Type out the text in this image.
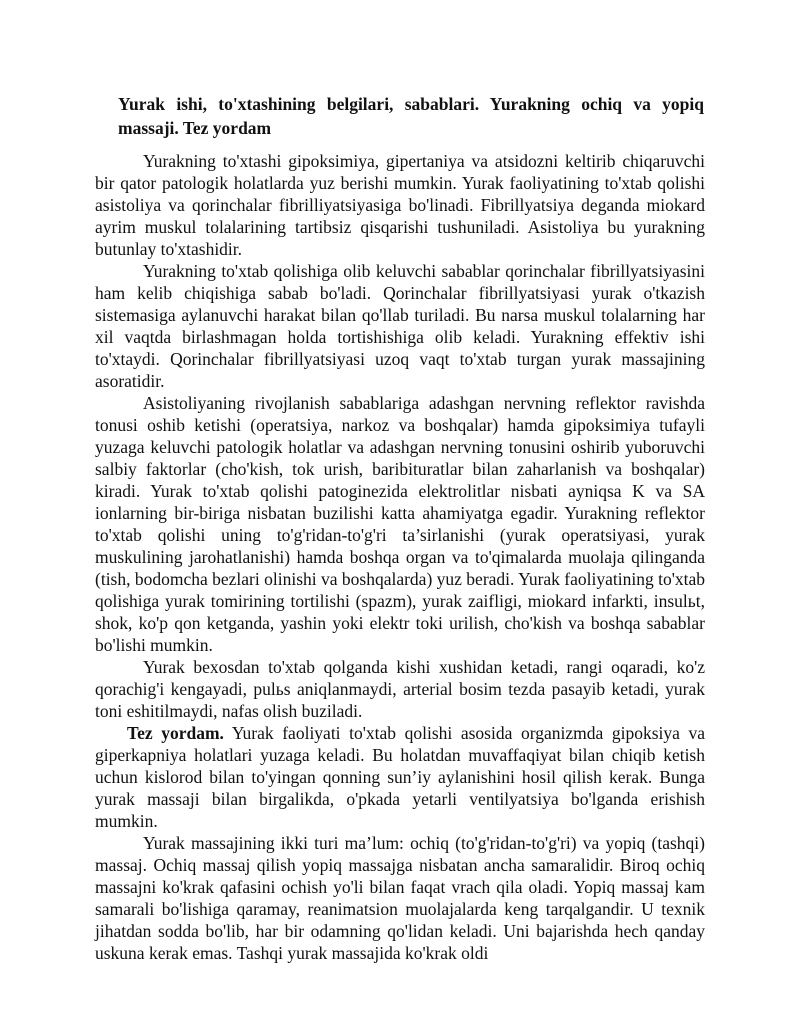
Yurak ishi, to'xtashining belgilari, sabablari. Yurakning ochiq va yopiq massaji. Tez yordam

Yurakning to'xtashi gipoksimiya, gipertaniya va atsidozni keltirib chiqaruvchi bir qator patologik holatlarda yuz berishi mumkin. Yurak faoliyatining to'xtab qolishi asistoliya va qorinchalar fibrilliyatsiyasiga bo'linadi. Fibrillyatsiya deganda miokard ayrim muskul tolalarining tartibsiz qisqarishi tushuniladi. Asistoliya bu yurakning butunlay to'xtashidir.

Yurakning to'xtab qolishiga olib keluvchi sabablar qorinchalar fibrillyatsiyasini ham kelib chiqishiga sabab bo'ladi. Qorinchalar fibrillyatsiyasi yurak o'tkazish sistemasiga aylanuvchi harakat bilan qo'llab turiladi. Bu narsa muskul tolalarning har xil vaqtda birlashmagan holda tortishishiga olib keladi. Yurakning effektiv ishi to'xtaydi. Qorinchalar fibrillyatsiyasi uzoq vaqt to'xtab turgan yurak massajining asoratidir.

Asistoliyaning rivojlanish sabablariga adashgan nervning reflektor ravishda tonusi oshib ketishi (operatsiya, narkoz va boshqalar) hamda gipoksimiya tufayli yuzaga keluvchi patologik holatlar va adashgan nervning tonusini oshirib yuboruvchi salbiy faktorlar (cho'kish, tok urish, baribituratlar bilan zaharlanish va boshqalar) kiradi. Yurak to'xtab qolishi patoginezida elektrolitlar nisbati ayniqsa K va SA ionlarning bir-biriga nisbatan buzilishi katta ahamiyatga egadir. Yurakning reflektor to'xtab qolishi uning to'g'ridan-to'g'ri ta’sirlanishi (yurak operatsiyasi, yurak muskulining jarohatlanishi) hamda boshqa organ va to'qimalarda muolaja qilinganda (tish, bodomcha bezlari olinishi va boshqalarda) yuz beradi. Yurak faoliyatining to'xtab qolishiga yurak tomirining tortilishi (spazm), yurak zaifligi, miokard infarkti, insulьt, shok, ko'p qon ketganda, yashin yoki elektr toki urilish, cho'kish va boshqa sabablar bo'lishi mumkin.

Yurak bexosdan to'xtab qolganda kishi xushidan ketadi, rangi oqaradi, ko'z qorachig'i kengayadi, pulьs aniqlanmaydi, arterial bosim tezda pasayib ketadi, yurak toni eshitilmaydi, nafas olish buziladi.

Tez yordam. Yurak faoliyati to'xtab qolishi asosida organizmda gipoksiya va giperkapniya holatlari yuzaga keladi. Bu holatdan muvaffaqiyat bilan chiqib ketish uchun kislorod bilan to'yingan qonning sun’iy aylanishini hosil qilish kerak. Bunga yurak massaji bilan birgalikda, o'pkada yetarli ventilyatsiya bo'lganda erishish mumkin.

Yurak massajining ikki turi ma’lum: ochiq (to'g'ridan-to'g'ri) va yopiq (tashqi) massaj. Ochiq massaj qilish yopiq massajga nisbatan ancha samaralidir. Biroq ochiq massajni ko'krak qafasini ochish yo'li bilan faqat vrach qila oladi. Yopiq massaj kam samarali bo'lishiga qaramay, reanimatsion muolajalarda keng tarqalgandir. U texnik jihatdan sodda bo'lib, har bir odamning qo'lidan keladi. Uni bajarishda hech qanday uskuna kerak emas. Tashqi yurak massajida ko'krak oldi
